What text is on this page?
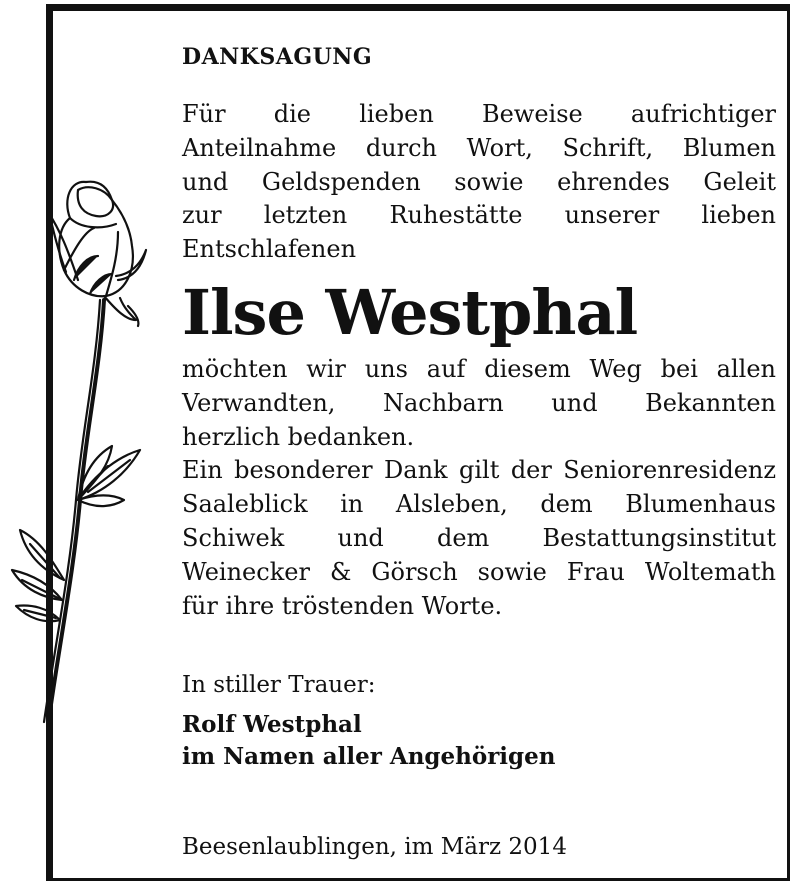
DANKSAGUNG

Für die lieben Beweise aufrichtiger
Anteilnahme durch Wort, Schrift, Blumen
und Geldspenden sowie ehrendes Geleit
zur letzten Ruhestätte unserer lieben
Entschlafenen

Ilse Westphal

möchten wir uns auf diesem Weg bei allen
Verwandten, Nachbarn und Bekannten
herzlich bedanken.
Ein besonderer Dank gilt der Seniorenresidenz
Saaleblick in Alsleben, dem Blumenhaus
Schiwek und dem Bestattungsinstitut
Weinecker & Görsch sowie Frau Woltemath
für ihre tröstenden Worte.

In stiller Trauer:

Rolf Westphal

im Namen aller Angehörigen

Beesenlaublingen, im März 2014
